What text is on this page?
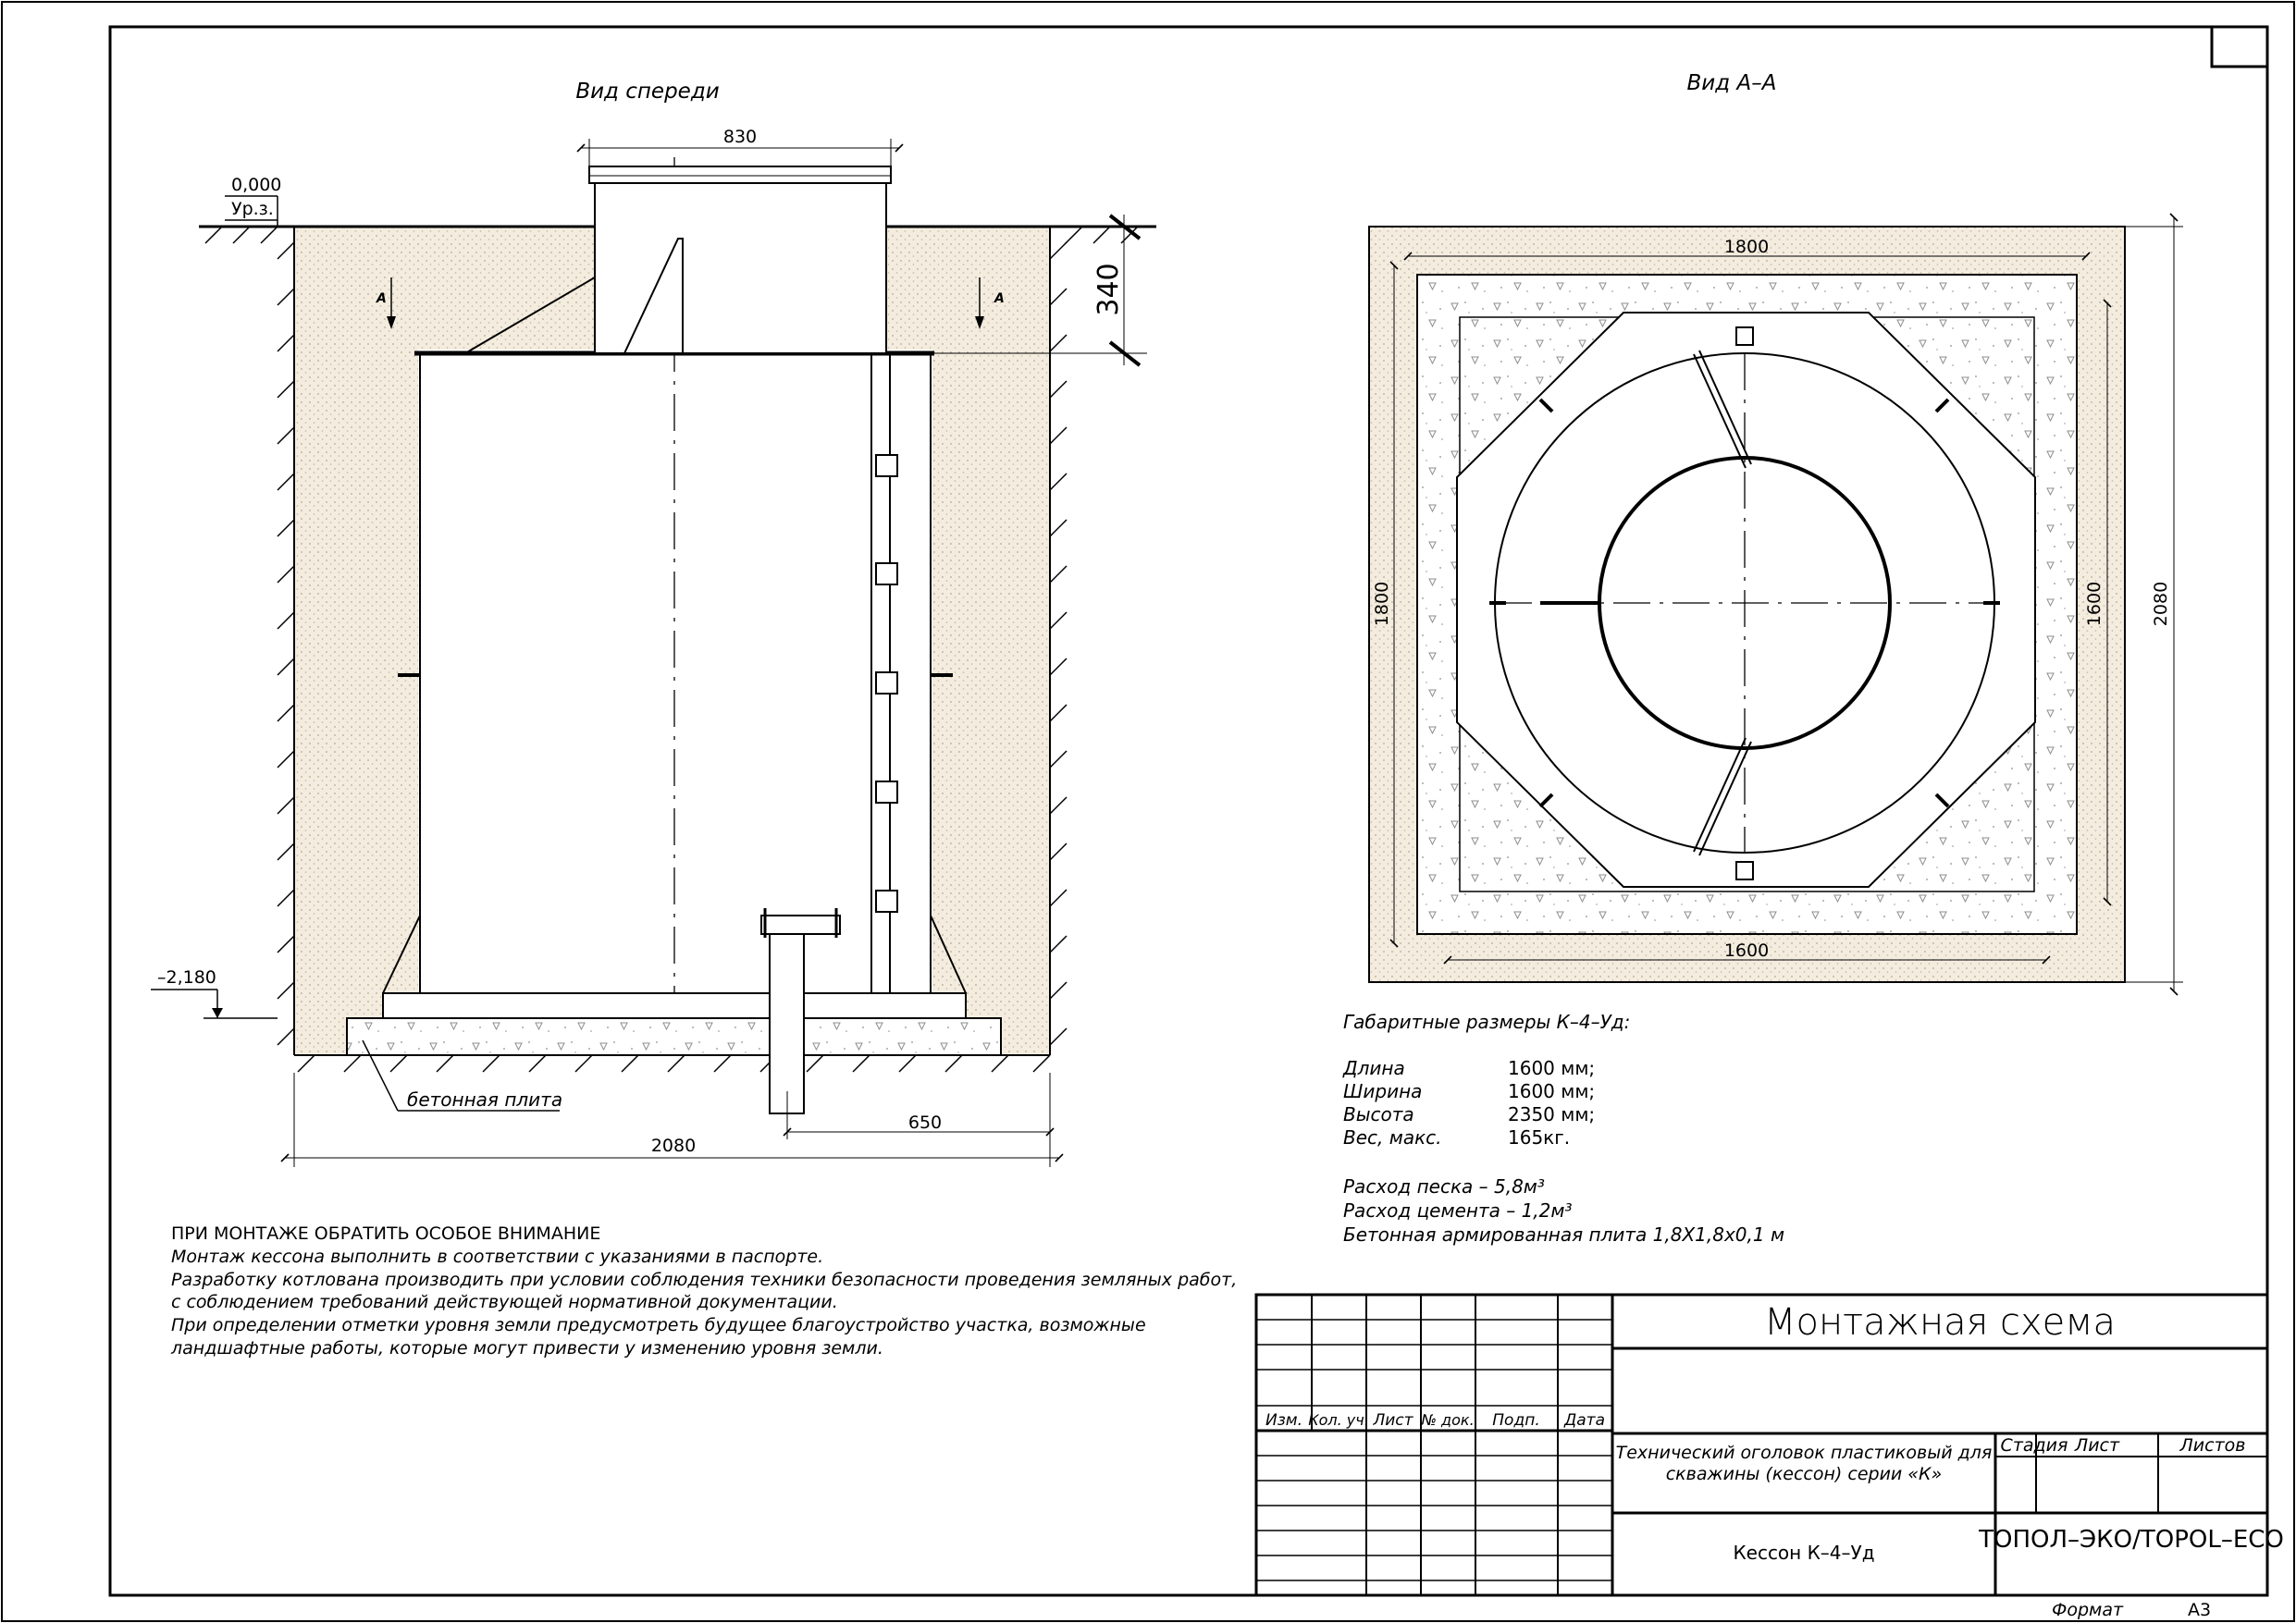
Вид спереди
А	А
0,000
Ур.з.
–2,180
830
340
бетонная плита
650
2080
Вид А–А
1800
1600
1800	1600	2080
Габаритные размеры К–4–Уд:
Длина	1600 мм;
Ширина	1600 мм;
Высота	2350 мм;
Вес, макс.	165кг.
Расход песка – 5,8м³
Расход цемента – 1,2м³
Бетонная армированная плита 1,8Х1,8х0,1 м
ПРИ МОНТАЖЕ ОБРАТИТЬ ОСОБОЕ ВНИМАНИЕ
Монтаж кессона выполнить в соответствии с указаниями в паспорте.
Разработку котлована производить при условии соблюдения техники безопасности проведения земляных работ,
с соблюдением требований действующей нормативной документации.
При определении отметки уровня земли предусмотреть будущее благоустройство участка, возможные
ландшафтные работы, которые могут привести у изменению уровня земли.
Изм. Кол. уч. Лист № док. Подп. Дата
Монтажная схема
Технический оголовок пластиковый для
скважины (кессон) серии «К»
Стадия Лист	Листов
Кессон К–4–Уд	ТОПОЛ–ЭКО/TOPOL–ECO
Формат	А3
